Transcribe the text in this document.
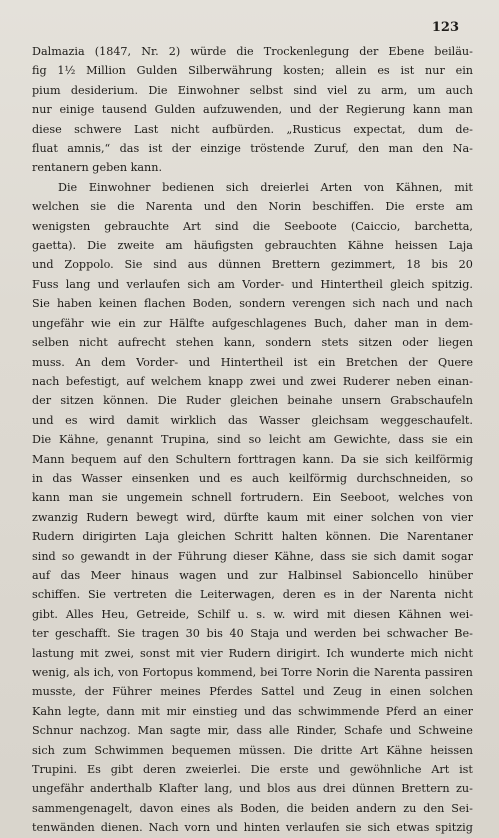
123
Dalmazia (1847, Nr. 2) würde die Trockenlegung der Ebene beiläu-
fig 1½ Million Gulden Silberwährung kosten; allein es ist nur ein
pium desiderium. Die Einwohner selbst sind viel zu arm, um auch
nur einige tausend Gulden aufzuwenden, und der Regierung kann man
diese schwere Last nicht aufbürden. „Rusticus expectat, dum de-
fluat amnis,“ das ist der einzige tröstende Zuruf, den man den Na-
rentanern geben kann.
Die Einwohner bedienen sich dreierlei Arten von Kähnen, mit
welchen sie die Narenta und den Norin beschiffen. Die erste am
wenigsten gebrauchte Art sind die Seeboote (Caiccio, barchetta,
gaetta). Die zweite am häufigsten gebrauchten Kähne heissen Laja
und Zoppolo. Sie sind aus dünnen Brettern gezimmert, 18 bis 20
Fuss lang und verlaufen sich am Vorder- und Hintertheil gleich spitzig.
Sie haben keinen flachen Boden, sondern verengen sich nach und nach
ungefähr wie ein zur Hälfte aufgeschlagenes Buch, daher man in dem-
selben nicht aufrecht stehen kann, sondern stets sitzen oder liegen
muss. An dem Vorder- und Hintertheil ist ein Bretchen der Quere
nach befestigt, auf welchem knapp zwei und zwei Ruderer neben einan-
der sitzen können. Die Ruder gleichen beinahe unsern Grabschaufeln
und es wird damit wirklich das Wasser gleichsam weggeschaufelt.
Die Kähne, genannt Trupina, sind so leicht am Gewichte, dass sie ein
Mann bequem auf den Schultern forttragen kann. Da sie sich keilförmig
in das Wasser einsenken und es auch keilförmig durchschneiden, so
kann man sie ungemein schnell fortrudern. Ein Seeboot, welches von
zwanzig Rudern bewegt wird, dürfte kaum mit einer solchen von vier
Rudern dirigirten Laja gleichen Schritt halten können. Die Narentaner
sind so gewandt in der Führung dieser Kähne, dass sie sich damit sogar
auf das Meer hinaus wagen und zur Halbinsel Sabioncello hinüber
schiffen. Sie vertreten die Leiterwagen, deren es in der Narenta nicht
gibt. Alles Heu, Getreide, Schilf u. s. w. wird mit diesen Kähnen wei-
ter geschafft. Sie tragen 30 bis 40 Staja und werden bei schwacher Be-
lastung mit zwei, sonst mit vier Rudern dirigirt. Ich wunderte mich nicht
wenig, als ich, von Fortopus kommend, bei Torre Norin die Narenta passiren
musste, der Führer meines Pferdes Sattel und Zeug in einen solchen
Kahn legte, dann mit mir einstieg und das schwimmende Pferd an einer
Schnur nachzog. Man sagte mir, dass alle Rinder, Schafe und Schweine
sich zum Schwimmen bequemen müssen. Die dritte Art Kähne heissen
Trupini. Es gibt deren zweierlei. Die erste und gewöhnliche Art ist
ungefähr anderthalb Klafter lang, und blos aus drei dünnen Brettern zu-
sammengenagelt, davon eines als Boden, die beiden andern zu den Sei-
tenwänden dienen. Nach vorn und hinten verlaufen sie sich etwas spitzig
